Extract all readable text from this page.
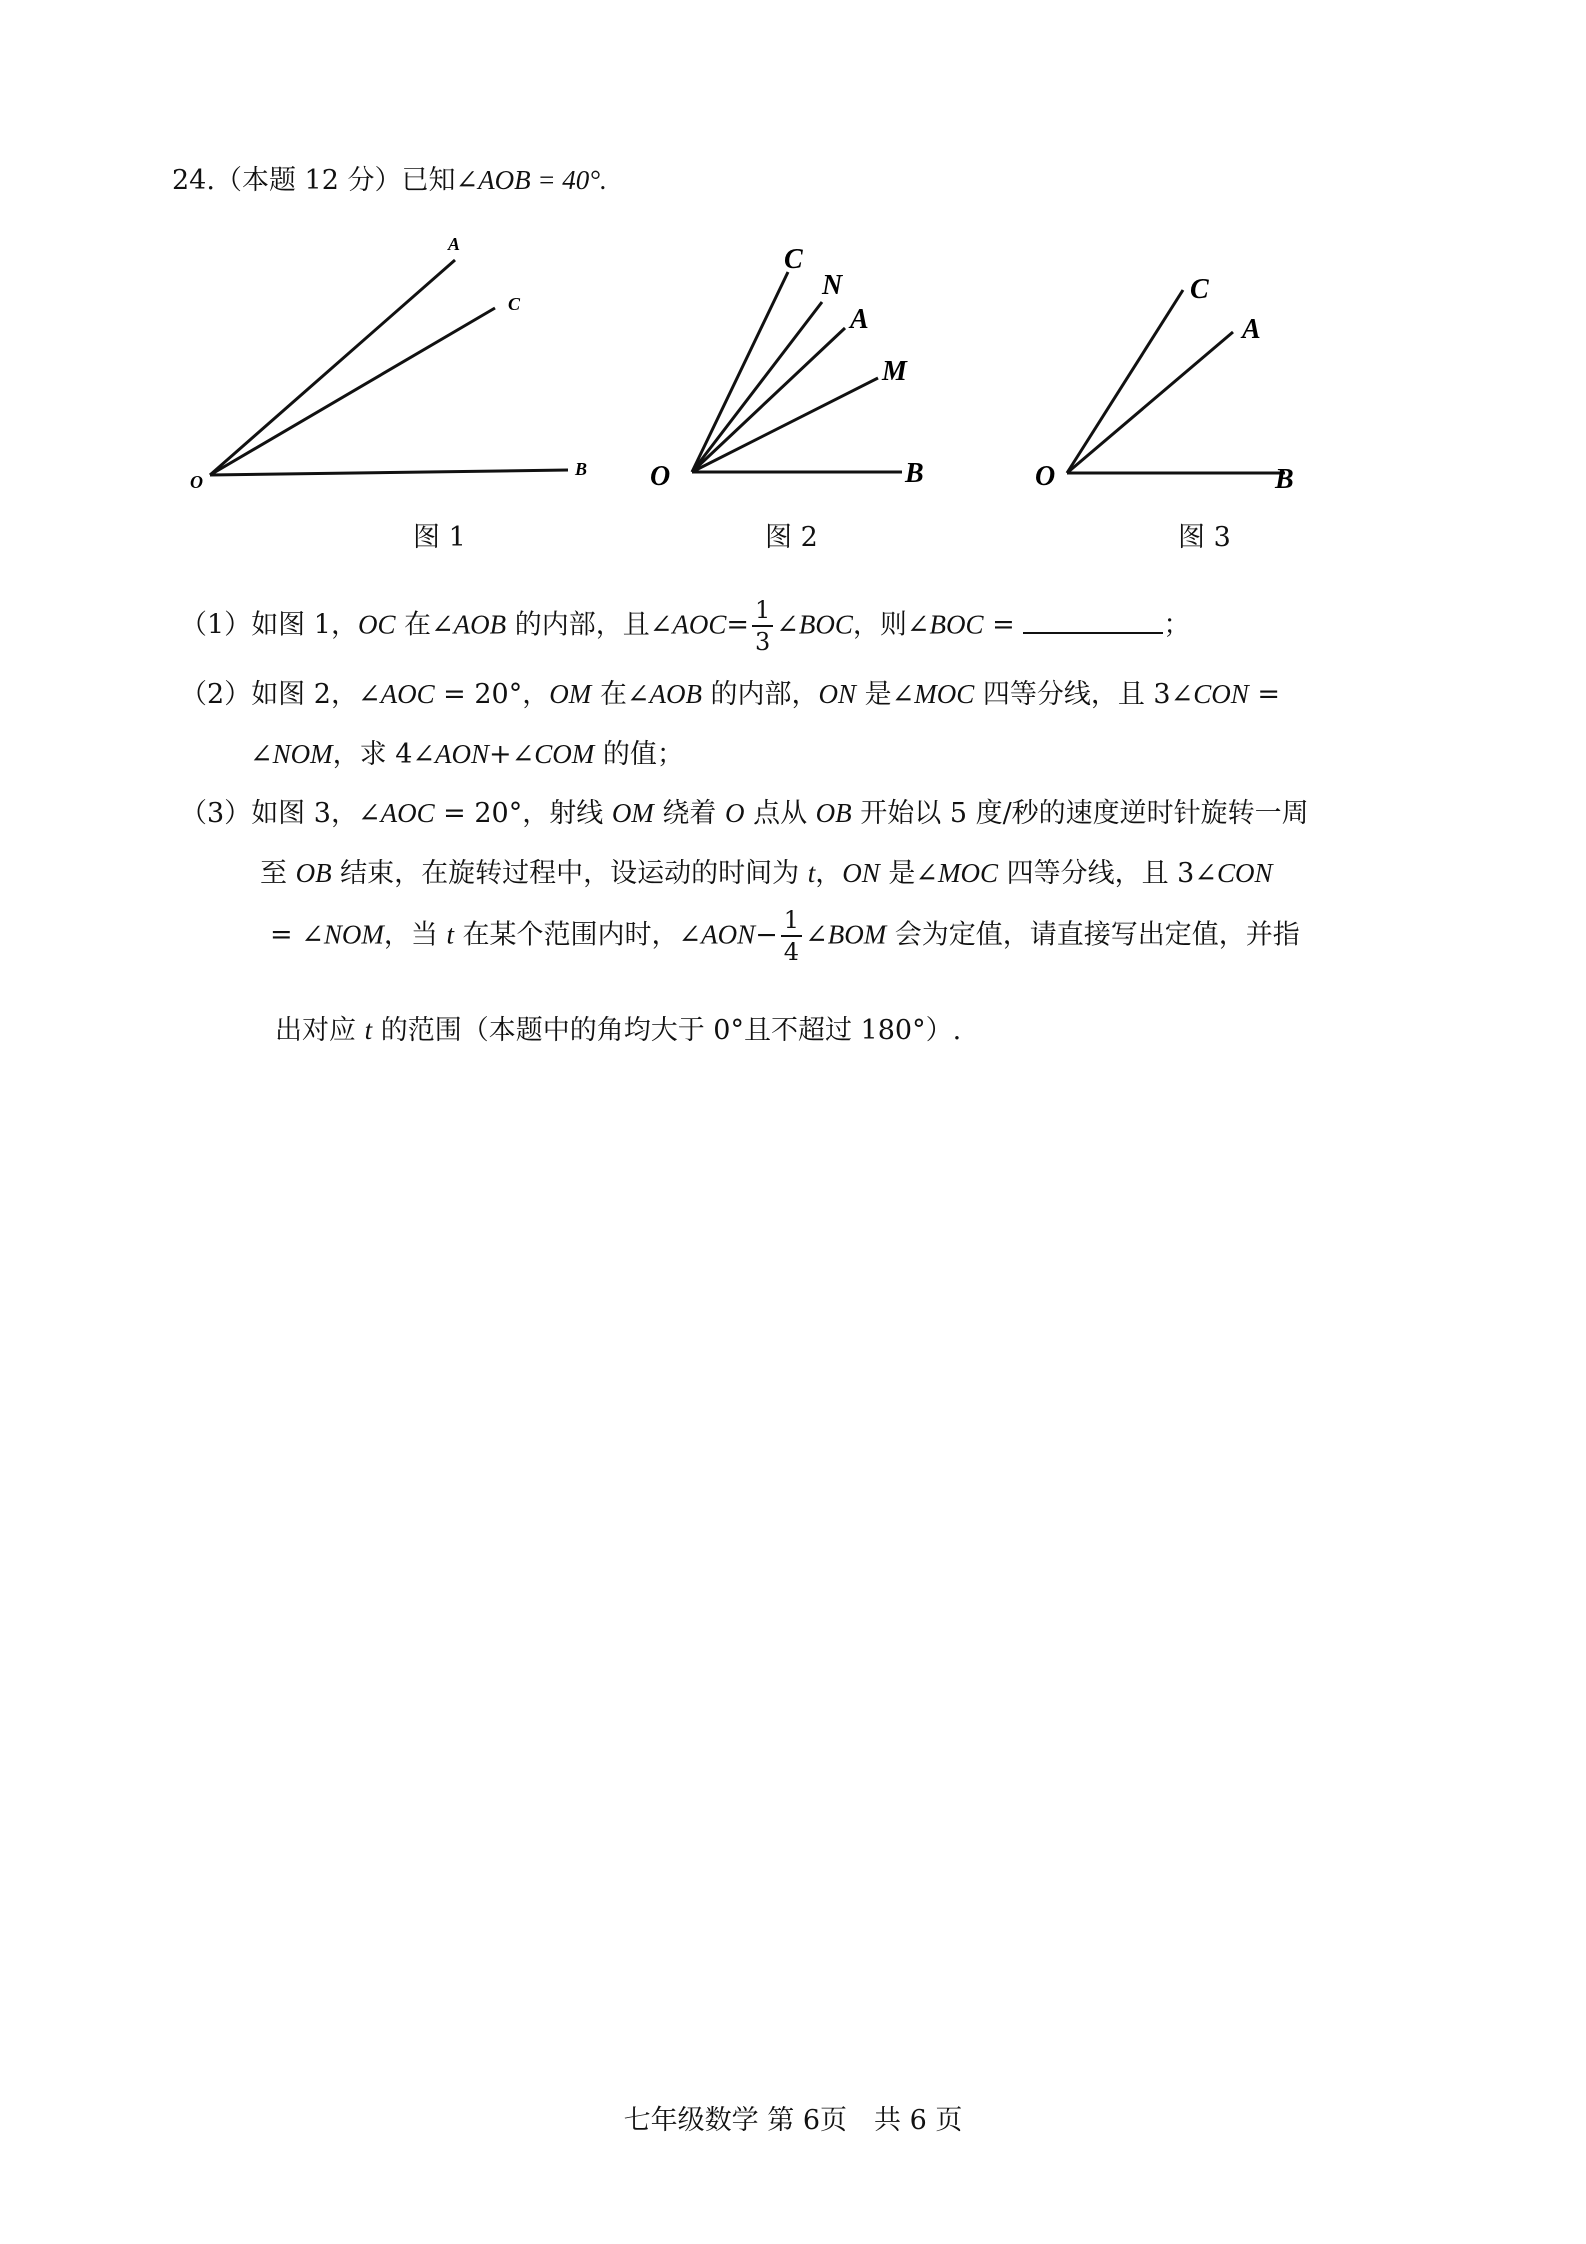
24.（本题 12 分）已知∠AOB = 40°.
A
C
O
B
图 1
C
N
A
M
O	B
图 2
C
A
O	B
图 3
（1）如图 1，OC 在∠AOB 的内部，且∠AOC= $\frac{1}{3}$ ∠BOC，则∠BOC =	；
（2）如图 2，∠AOC = 20°，OM 在∠AOB 的内部，ON 是∠MOC 四等分线，且 3∠CON =
∠NOM，求 4∠AON+∠COM 的值；
（3）如图 3，∠AOC = 20°，射线 OM 绕着 O 点从 OB 开始以 5 度/秒的速度逆时针旋转一周
至 OB 结束，在旋转过程中，设运动的时间为 t，ON 是∠MOC 四等分线，且 3∠CON
= ∠NOM，当 t 在某个范围内时，∠AON− $\frac{1}{4}$ ∠BOM 会为定值，请直接写出定值，并指
出对应 t 的范围（本题中的角均大于 0°且不超过 180°）.
七年级数学 第 6页　共 6 页
